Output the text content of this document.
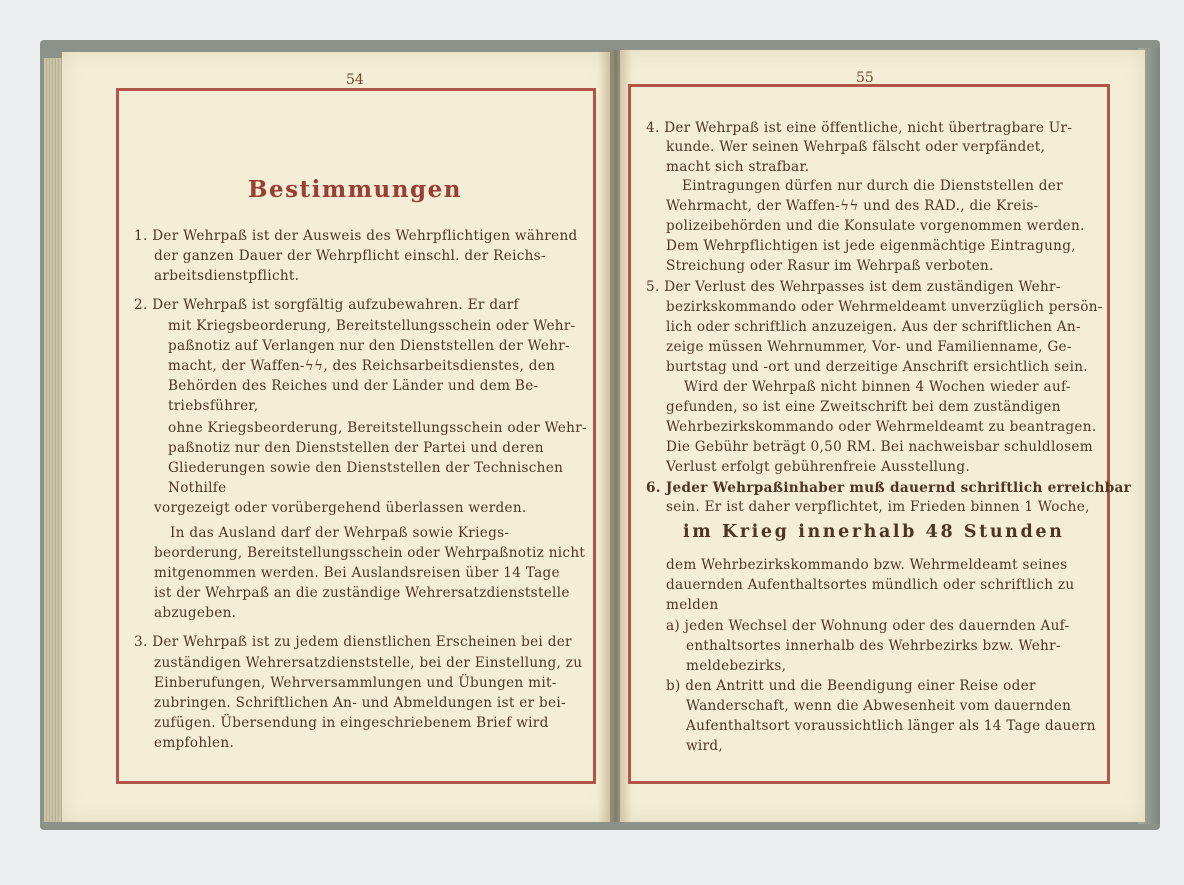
54	55
Bestimmungen
1. Der Wehrpaß ist der Ausweis des Wehrpflichtigen während
der ganzen Dauer der Wehrpflicht einschl. der Reichs-
arbeitsdienstpflicht.
2. Der Wehrpaß ist sorgfältig aufzubewahren. Er darf
mit Kriegsbeorderung, Bereitstellungsschein oder Wehr-
paßnotiz auf Verlangen nur den Dienststellen der Wehr-
macht, der Waffen-ϟϟ, des Reichsarbeitsdienstes, den
Behörden des Reiches und der Länder und dem Be-
triebsführer,
ohne Kriegsbeorderung, Bereitstellungsschein oder Wehr-
paßnotiz nur den Dienststellen der Partei und deren
Gliederungen sowie den Dienststellen der Technischen
Nothilfe
vorgezeigt oder vorübergehend überlassen werden.
In das Ausland darf der Wehrpaß sowie Kriegs-
beorderung, Bereitstellungsschein oder Wehrpaßnotiz nicht
mitgenommen werden. Bei Auslandsreisen über 14 Tage
ist der Wehrpaß an die zuständige Wehrersatzdienststelle
abzugeben.
3. Der Wehrpaß ist zu jedem dienstlichen Erscheinen bei der
zuständigen Wehrersatzdienststelle, bei der Einstellung, zu
Einberufungen, Wehrversammlungen und Übungen mit-
zubringen. Schriftlichen An- und Abmeldungen ist er bei-
zufügen. Übersendung in eingeschriebenem Brief wird
empfohlen.
4. Der Wehrpaß ist eine öffentliche, nicht übertragbare Ur-
kunde. Wer seinen Wehrpaß fälscht oder verpfändet,
macht sich strafbar.
Eintragungen dürfen nur durch die Dienststellen der
Wehrmacht, der Waffen-ϟϟ und des RAD., die Kreis-
polizeibehörden und die Konsulate vorgenommen werden.
Dem Wehrpflichtigen ist jede eigenmächtige Eintragung,
Streichung oder Rasur im Wehrpaß verboten.
5. Der Verlust des Wehrpasses ist dem zuständigen Wehr-
bezirkskommando oder Wehrmeldeamt unverzüglich persön-
lich oder schriftlich anzuzeigen. Aus der schriftlichen An-
zeige müssen Wehrnummer, Vor- und Familienname, Ge-
burtstag und -ort und derzeitige Anschrift ersichtlich sein.
Wird der Wehrpaß nicht binnen 4 Wochen wieder auf-
gefunden, so ist eine Zweitschrift bei dem zuständigen
Wehrbezirkskommando oder Wehrmeldeamt zu beantragen.
Die Gebühr beträgt 0,50 RM. Bei nachweisbar schuldlosem
Verlust erfolgt gebührenfreie Ausstellung.
6. Jeder Wehrpaßinhaber muß dauernd schriftlich erreichbar
sein. Er ist daher verpflichtet, im Frieden binnen 1 Woche,
im Krieg innerhalb 48 Stunden
dem Wehrbezirkskommando bzw. Wehrmeldeamt seines
dauernden Aufenthaltsortes mündlich oder schriftlich zu
melden
a) jeden Wechsel der Wohnung oder des dauernden Auf-
enthaltsortes innerhalb des Wehrbezirks bzw. Wehr-
meldebezirks,
b) den Antritt und die Beendigung einer Reise oder
Wanderschaft, wenn die Abwesenheit vom dauernden
Aufenthaltsort voraussichtlich länger als 14 Tage dauern
wird,
